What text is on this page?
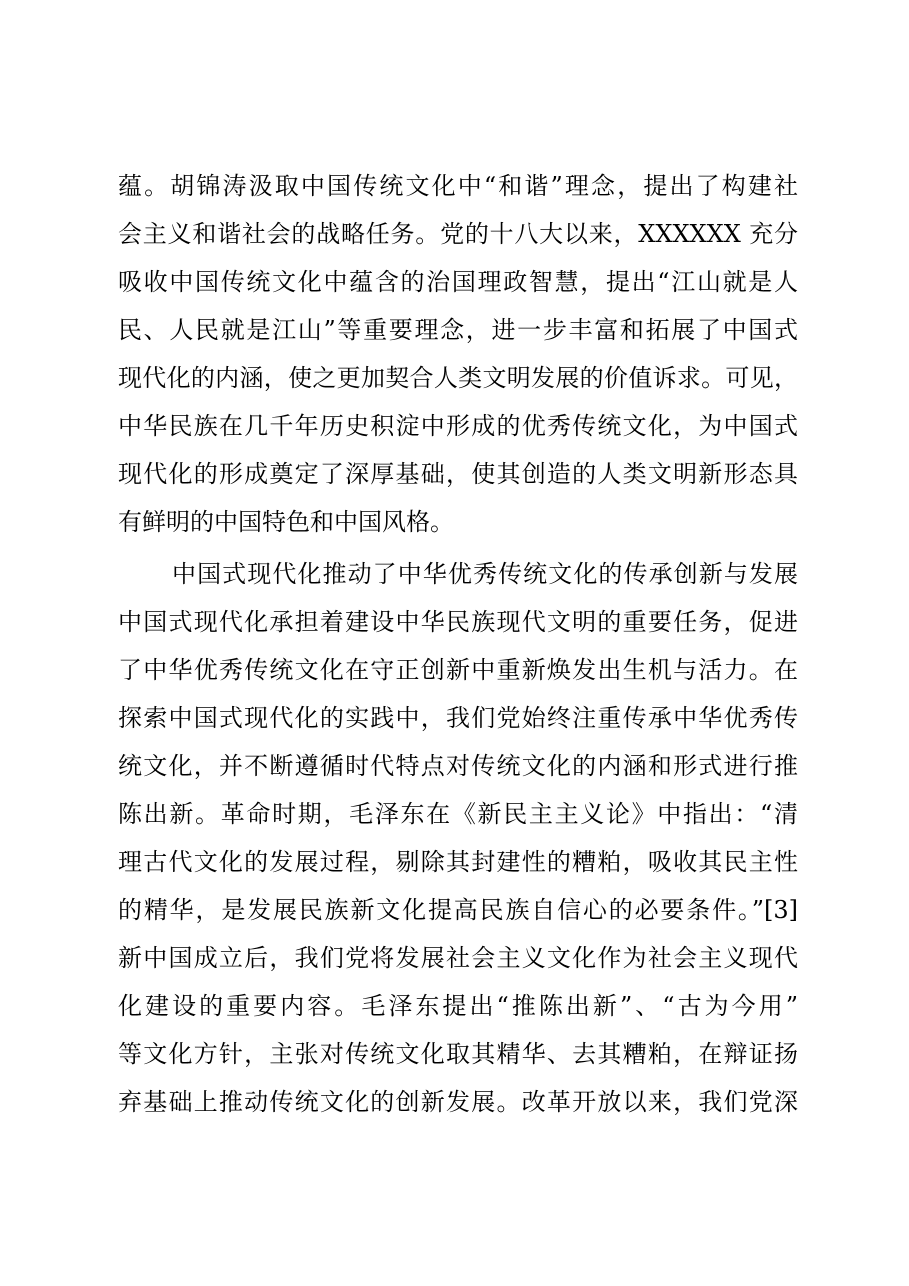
蕴。胡锦涛汲取中国传统文化中“和谐”理念，提出了构建社
会主义和谐社会的战略任务。党的十八大以来，XXXXXX 充分
吸收中国传统文化中蕴含的治国理政智慧，提出“江山就是人
民、人民就是江山”等重要理念，进一步丰富和拓展了中国式
现代化的内涵，使之更加契合人类文明发展的价值诉求。可见，
中华民族在几千年历史积淀中形成的优秀传统文化，为中国式
现代化的形成奠定了深厚基础，使其创造的人类文明新形态具
有鲜明的中国特色和中国风格。
中国式现代化推动了中华优秀传统文化的传承创新与发展
中国式现代化承担着建设中华民族现代文明的重要任务，促进
了中华优秀传统文化在守正创新中重新焕发出生机与活力。在
探索中国式现代化的实践中，我们党始终注重传承中华优秀传
统文化，并不断遵循时代特点对传统文化的内涵和形式进行推
陈出新。革命时期，毛泽东在《新民主主义论》中指出：“清
理古代文化的发展过程，剔除其封建性的糟粕，吸收其民主性
的精华，是发展民族新文化提高民族自信心的必要条件。”[3]
新中国成立后，我们党将发展社会主义文化作为社会主义现代
化建设的重要内容。毛泽东提出“推陈出新”、“古为今用”
等文化方针，主张对传统文化取其精华、去其糟粕，在辩证扬
弃基础上推动传统文化的创新发展。改革开放以来，我们党深
